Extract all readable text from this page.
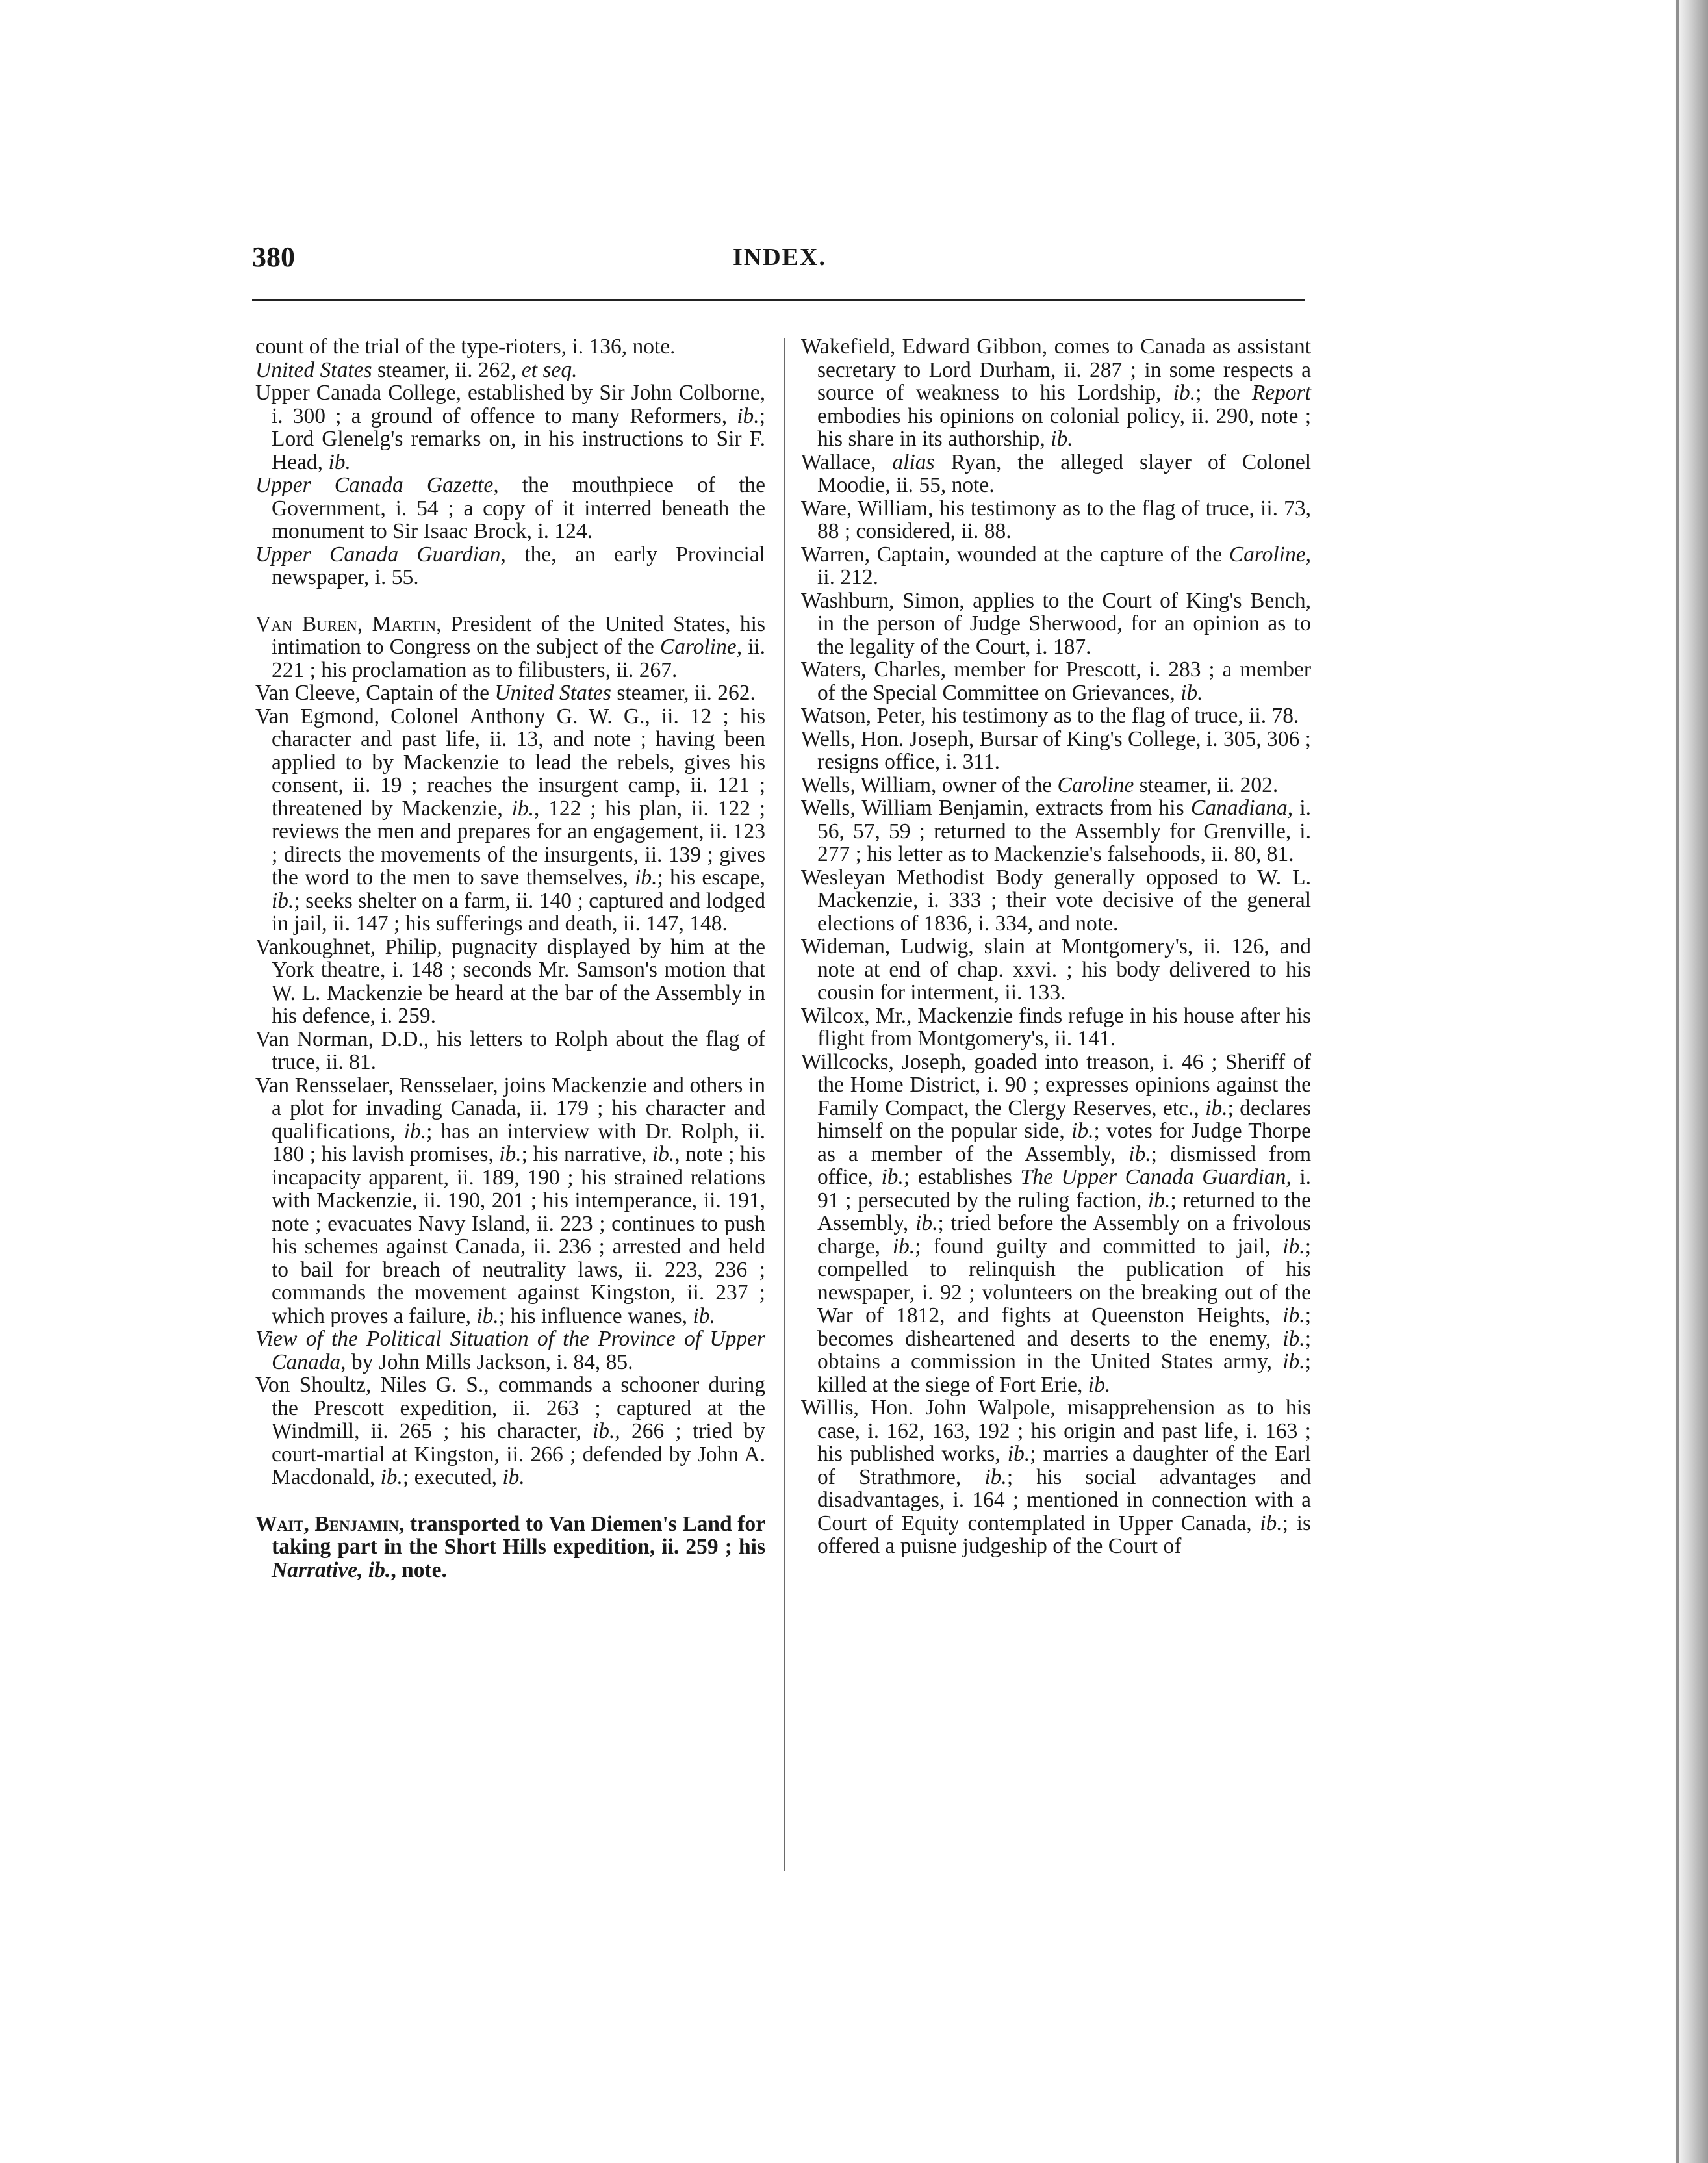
380	INDEX.

count of the trial of the type-rioters, i. 136, note.

United States steamer, ii. 262, et seq.

Upper Canada College, established by Sir John Colborne, i. 300 ; a ground of offence to many Reformers, ib.; Lord Glenelg's remarks on, in his instructions to Sir F. Head, ib.

Upper Canada Gazette, the mouthpiece of the Government, i. 54 ; a copy of it interred beneath the monument to Sir Isaac Brock, i. 124.

Upper Canada Guardian, the, an early Provincial newspaper, i. 55.

Van Buren, Martin, President of the United States, his intimation to Congress on the subject of the Caroline, ii. 221 ; his proclamation as to filibusters, ii. 267.

Van Cleeve, Captain of the United States steamer, ii. 262.

Van Egmond, Colonel Anthony G. W. G., ii. 12 ; his character and past life, ii. 13, and note ; having been applied to by Mackenzie to lead the rebels, gives his consent, ii. 19 ; reaches the insurgent camp, ii. 121 ; threatened by Mackenzie, ib., 122 ; his plan, ii. 122 ; reviews the men and prepares for an engagement, ii. 123 ; directs the movements of the insurgents, ii. 139 ; gives the word to the men to save themselves, ib.; his escape, ib.; seeks shelter on a farm, ii. 140 ; captured and lodged in jail, ii. 147 ; his sufferings and death, ii. 147, 148.

Vankoughnet, Philip, pugnacity displayed by him at the York theatre, i. 148 ; seconds Mr. Samson's motion that W. L. Mackenzie be heard at the bar of the Assembly in his defence, i. 259.

Van Norman, D.D., his letters to Rolph about the flag of truce, ii. 81.

Van Rensselaer, Rensselaer, joins Mackenzie and others in a plot for invading Canada, ii. 179 ; his character and qualifications, ib.; has an interview with Dr. Rolph, ii. 180 ; his lavish promises, ib.; his narrative, ib., note ; his incapacity apparent, ii. 189, 190 ; his strained relations with Mackenzie, ii. 190, 201 ; his intemperance, ii. 191, note ; evacuates Navy Island, ii. 223 ; continues to push his schemes against Canada, ii. 236 ; arrested and held to bail for breach of neutrality laws, ii. 223, 236 ; commands the movement against Kingston, ii. 237 ; which proves a failure, ib.; his influence wanes, ib.

View of the Political Situation of the Province of Upper Canada, by John Mills Jackson, i. 84, 85.

Von Shoultz, Niles G. S., commands a schooner during the Prescott expedition, ii. 263 ; captured at the Windmill, ii. 265 ; his character, ib., 266 ; tried by court-martial at Kingston, ii. 266 ; defended by John A. Macdonald, ib.; executed, ib.

Wait, Benjamin, transported to Van Diemen's Land for taking part in the Short Hills expedition, ii. 259 ; his Narrative, ib., note.

Wakefield, Edward Gibbon, comes to Canada as assistant secretary to Lord Durham, ii. 287 ; in some respects a source of weakness to his Lordship, ib.; the Report embodies his opinions on colonial policy, ii. 290, note ; his share in its authorship, ib.

Wallace, alias Ryan, the alleged slayer of Colonel Moodie, ii. 55, note.

Ware, William, his testimony as to the flag of truce, ii. 73, 88 ; considered, ii. 88.

Warren, Captain, wounded at the capture of the Caroline, ii. 212.

Washburn, Simon, applies to the Court of King's Bench, in the person of Judge Sherwood, for an opinion as to the legality of the Court, i. 187.

Waters, Charles, member for Prescott, i. 283 ; a member of the Special Committee on Grievances, ib.

Watson, Peter, his testimony as to the flag of truce, ii. 78.

Wells, Hon. Joseph, Bursar of King's College, i. 305, 306 ; resigns office, i. 311.

Wells, William, owner of the Caroline steamer, ii. 202.

Wells, William Benjamin, extracts from his Canadiana, i. 56, 57, 59 ; returned to the Assembly for Grenville, i. 277 ; his letter as to Mackenzie's falsehoods, ii. 80, 81.

Wesleyan Methodist Body generally opposed to W. L. Mackenzie, i. 333 ; their vote decisive of the general elections of 1836, i. 334, and note.

Wideman, Ludwig, slain at Montgomery's, ii. 126, and note at end of chap. xxvi. ; his body delivered to his cousin for interment, ii. 133.

Wilcox, Mr., Mackenzie finds refuge in his house after his flight from Montgomery's, ii. 141.

Willcocks, Joseph, goaded into treason, i. 46 ; Sheriff of the Home District, i. 90 ; expresses opinions against the Family Compact, the Clergy Reserves, etc., ib.; declares himself on the popular side, ib.; votes for Judge Thorpe as a member of the Assembly, ib.; dismissed from office, ib.; establishes The Upper Canada Guardian, i. 91 ; persecuted by the ruling faction, ib.; returned to the Assembly, ib.; tried before the Assembly on a frivolous charge, ib.; found guilty and committed to jail, ib.; compelled to relinquish the publication of his newspaper, i. 92 ; volunteers on the breaking out of the War of 1812, and fights at Queenston Heights, ib.; becomes disheartened and deserts to the enemy, ib.; obtains a commission in the United States army, ib.; killed at the siege of Fort Erie, ib.

Willis, Hon. John Walpole, misapprehension as to his case, i. 162, 163, 192 ; his origin and past life, i. 163 ; his published works, ib.; marries a daughter of the Earl of Strathmore, ib.; his social advantages and disadvantages, i. 164 ; mentioned in connection with a Court of Equity contemplated in Upper Canada, ib.; is offered a puisne judgeship of the Court of
